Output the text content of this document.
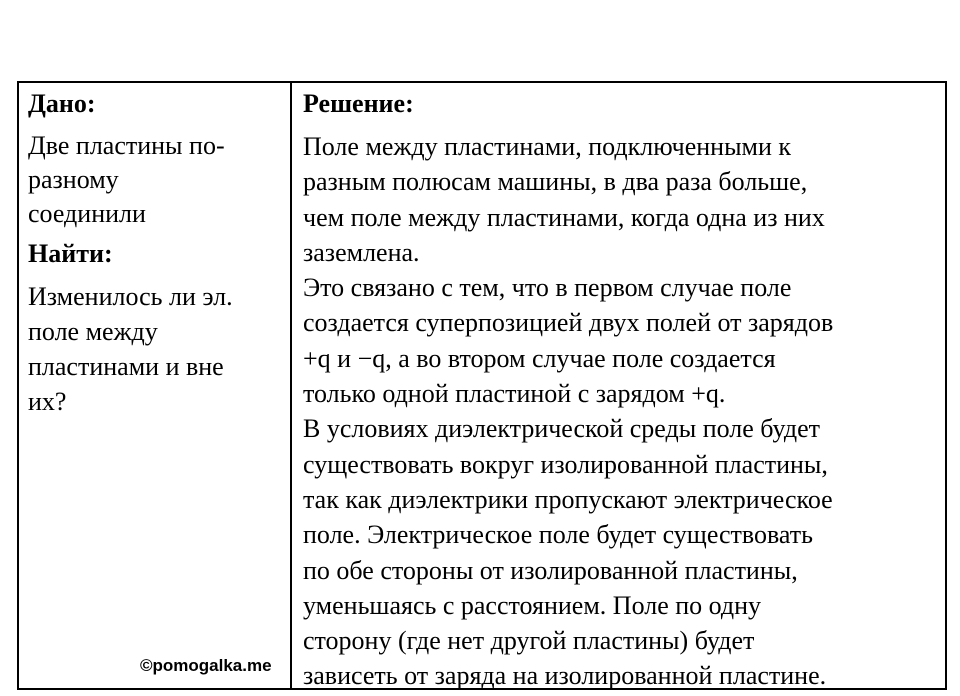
Дано:

Две пластины по-
разному
соединили

Найти:

Изменилось ли эл.
поле между
пластинами и вне
их?

Решение:

Поле между пластинами, подключенными к
разным полюсам машины, в два раза больше,
чем поле между пластинами, когда одна из них
заземлена.
Это связано с тем, что в первом случае поле
создается суперпозицией двух полей от зарядов
+q и −q, а во втором случае поле создается
только одной пластиной с зарядом +q.
В условиях диэлектрической среды поле будет
существовать вокруг изолированной пластины,
так как диэлектрики пропускают электрическое
поле. Электрическое поле будет существовать
по обе стороны от изолированной пластины,
уменьшаясь с расстоянием. Поле по одну
сторону (где нет другой пластины) будет
зависеть от заряда на изолированной пластине.

©pomogalka.me
